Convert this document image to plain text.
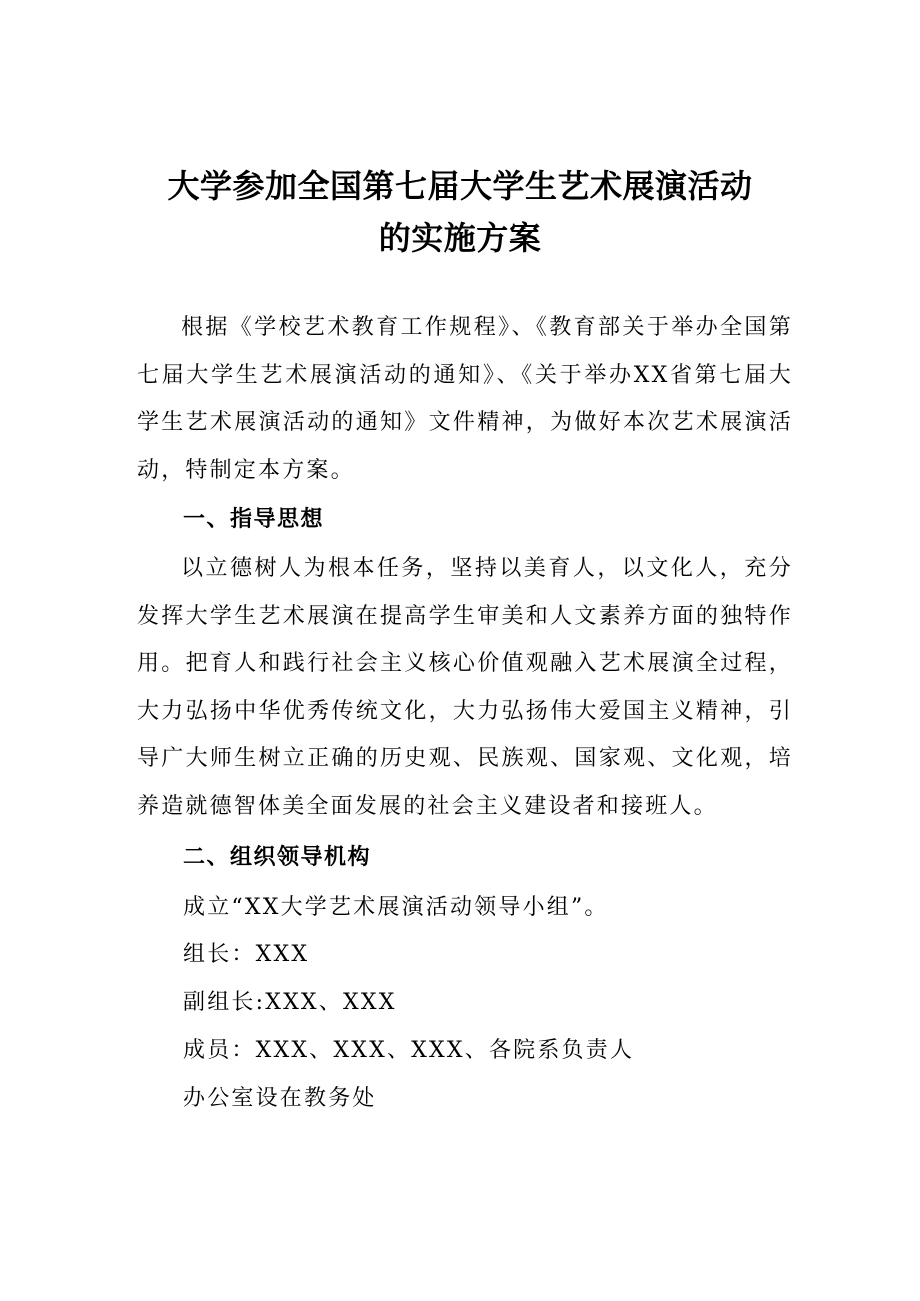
大学参加全国第七届大学生艺术展演活动
的实施方案

根据《学校艺术教育工作规程》、《教育部关于举办全国第七届大学生艺术展演活动的通知》、《关于举办XX省第七届大学生艺术展演活动的通知》文件精神，为做好本次艺术展演活动，特制定本方案。

一、指导思想

以立德树人为根本任务，坚持以美育人，以文化人，充分发挥大学生艺术展演在提高学生审美和人文素养方面的独特作用。把育人和践行社会主义核心价值观融入艺术展演全过程，大力弘扬中华优秀传统文化，大力弘扬伟大爱国主义精神，引导广大师生树立正确的历史观、民族观、国家观、文化观，培养造就德智体美全面发展的社会主义建设者和接班人。

二、组织领导机构

成立“XX大学艺术展演活动领导小组”。

组长：XXX

副组长:XXX、XXX

成员：XXX、XXX、XXX、各院系负责人

办公室设在教务处
